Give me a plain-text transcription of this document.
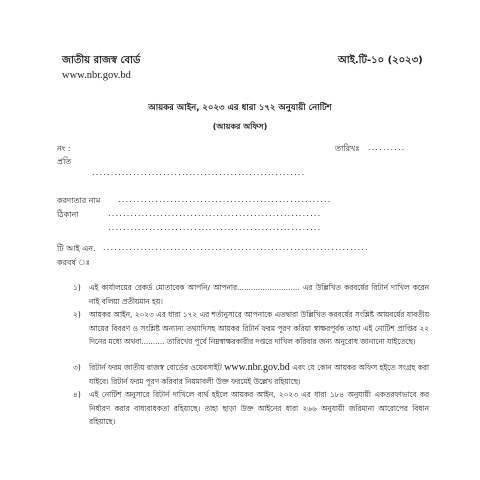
জাতীয় রাজস্ব বোর্ড
www.nbr.gov.bd
আই.টি-১০ (২০২৩)
আয়কর আইন, ২০২৩ এর ধারা ১৭২ অনুযায়ী নোটিশ
(আয়কর অফিস)
নং :	তারিখঃ ..........
প্রতি
.........................................................
করদাতার নাম .........................................................
ঠিকানা	.........................................................
.........................................................
টি আই এন. .......................................................................
করবর্ষ ঃ
১) এই কার্যালয়ের রেকর্ড মোতাবেক আপনি/ আপনার........................... এর উল্লিখিত করবর্ষের রিটার্ন দাখিল করেন নাই বলিয়া প্রতীয়মান হয়।
২) আয়কর আইন, ২০২৩ এর ধারা ১৭২ এর শর্তানুসারে আপনাকে এতদ্বারা উল্লিখিত করবর্ষের সংশ্লিষ্ট আয়বর্ষের যাবতীয় আয়ের বিবরণ ও সংশ্লিষ্ট অন্যান্য তথ্যাদিসহ আয়কর রিটার্ন ফরম পূরণ করিয়া স্বাক্ষরপূর্বক তাহা এই নোটিশ প্রাপ্তির ২২ দিনের মধ্যে অথবা.......... তারিখের পূর্বে নিম্নস্বাক্ষরকারীর দপ্তরে দাখিল করিবার জন্য অনুরোধ জানানো যাইতেছে।
৩) রিটার্ন ফরম জাতীয় রাজস্ব বোর্ডের ওয়েবসাইট www.nbr.gov.bd এবং যে কোন আয়কর অফিস হইতে সংগ্রহ করা যাইবে। রিটার্ন ফরম পূরণ করিবার নিয়মাবলী উক্ত ফরমেই উল্লেখ রহিয়াছে।
৪) এই নোটিশ অনুসারে রিটার্ন দাখিলে ব্যর্থ হইলে আয়কর আইন, ২০২৩ এর ধারা ১৮৪ অনুযায়ী একতরফাভাবে কর নির্ধারণ করার বাধ্যবাধকতা রহিয়াছে। তাহা ছাড়া উক্ত আইনের ধারা ২৬৬ অনুযায়ী জরিমানা আরোপের বিধান রহিয়াছে।
